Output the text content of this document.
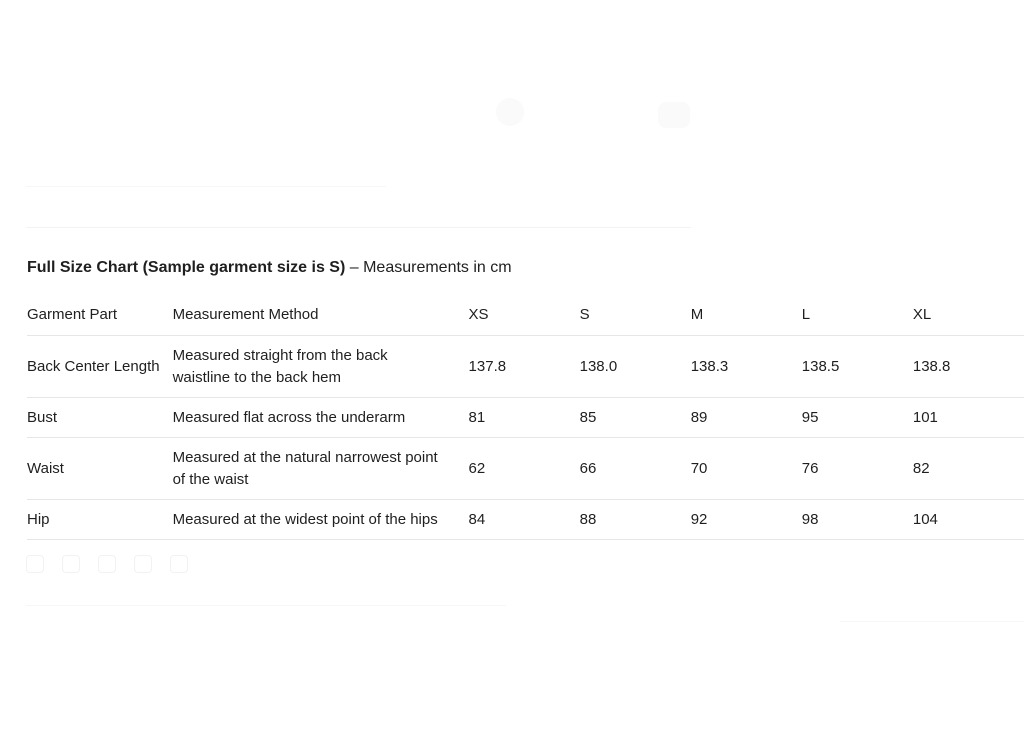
Full Size Chart (Sample garment size is S) – Measurements in cm
Garment Part	Measurement Method	XS	S	M	L	XL
Back Center Length	Measured straight from the back waistline to the back hem	137.8	138.0	138.3	138.5	138.8
Bust	Measured flat across the underarm	81	85	89	95	101
Waist	Measured at the natural narrowest point of the waist	62	66	70	76	82
Hip	Measured at the widest point of the hips	84	88	92	98	104
